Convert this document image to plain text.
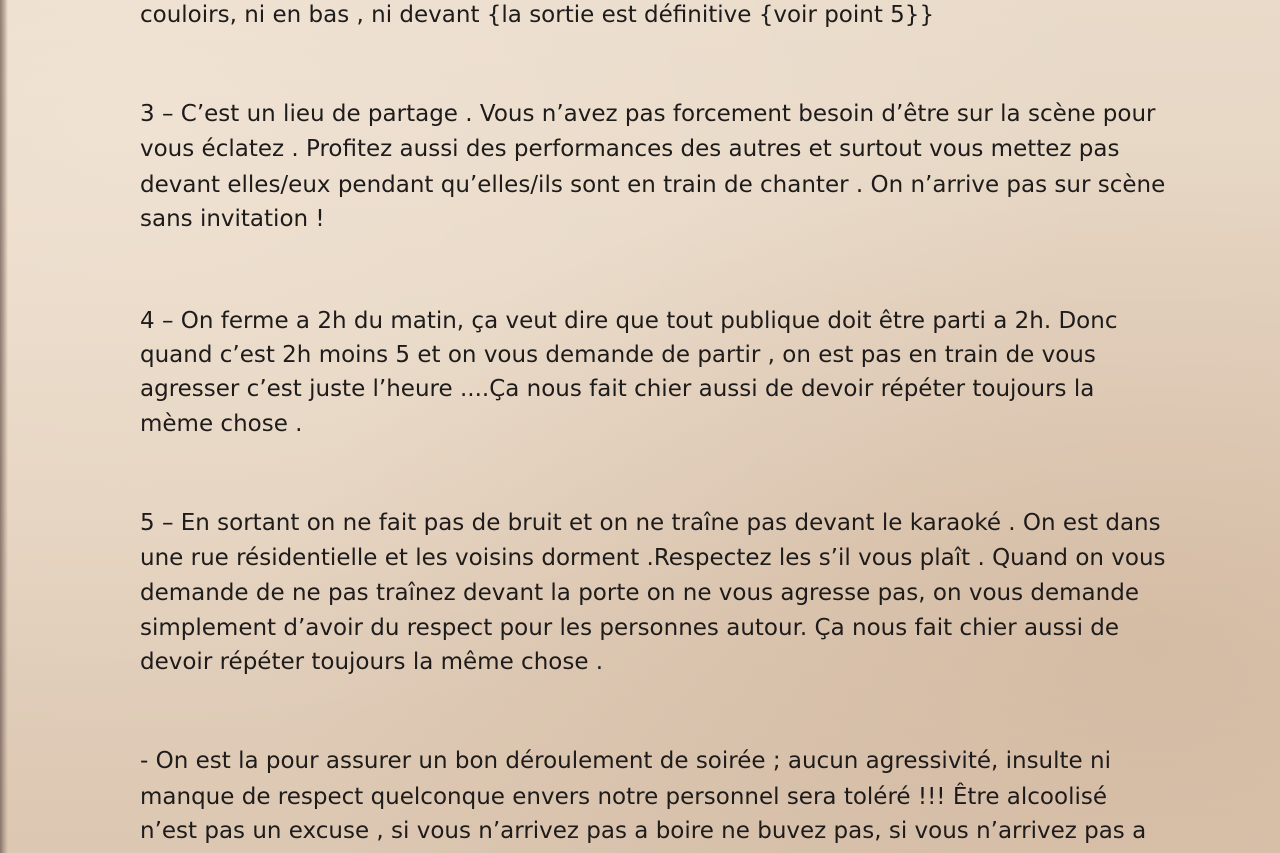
couloirs, ni en bas , ni devant {la sortie est définitive {voir point 5}}

3 – C’est un lieu de partage . Vous n’avez pas forcement besoin d’être sur la scène pour

vous éclatez . Profitez aussi des performances des autres et surtout vous mettez pas

devant elles/eux pendant qu’elles/ils sont en train de chanter . On n’arrive pas sur scène

sans invitation !

4 – On ferme a 2h du matin, ça veut dire que tout publique doit être parti a 2h. Donc

quand c’est 2h moins 5 et on vous demande de partir , on est pas en train de vous

agresser c’est juste l’heure ....Ça nous fait chier aussi de devoir répéter toujours la

mème chose .

5 – En sortant on ne fait pas de bruit et on ne traîne pas devant le karaoké . On est dans

une rue résidentielle et les voisins dorment .Respectez les s’il vous plaît . Quand on vous

demande de ne pas traînez devant la porte on ne vous agresse pas, on vous demande

simplement d’avoir du respect pour les personnes autour. Ça nous fait chier aussi de

devoir répéter toujours la même chose .

- On est la pour assurer un bon déroulement de soirée ; aucun agressivité, insulte ni

manque de respect quelconque envers notre personnel sera toléré !!! Être alcoolisé

n’est pas un excuse , si vous n’arrivez pas a boire ne buvez pas, si vous n’arrivez pas a
